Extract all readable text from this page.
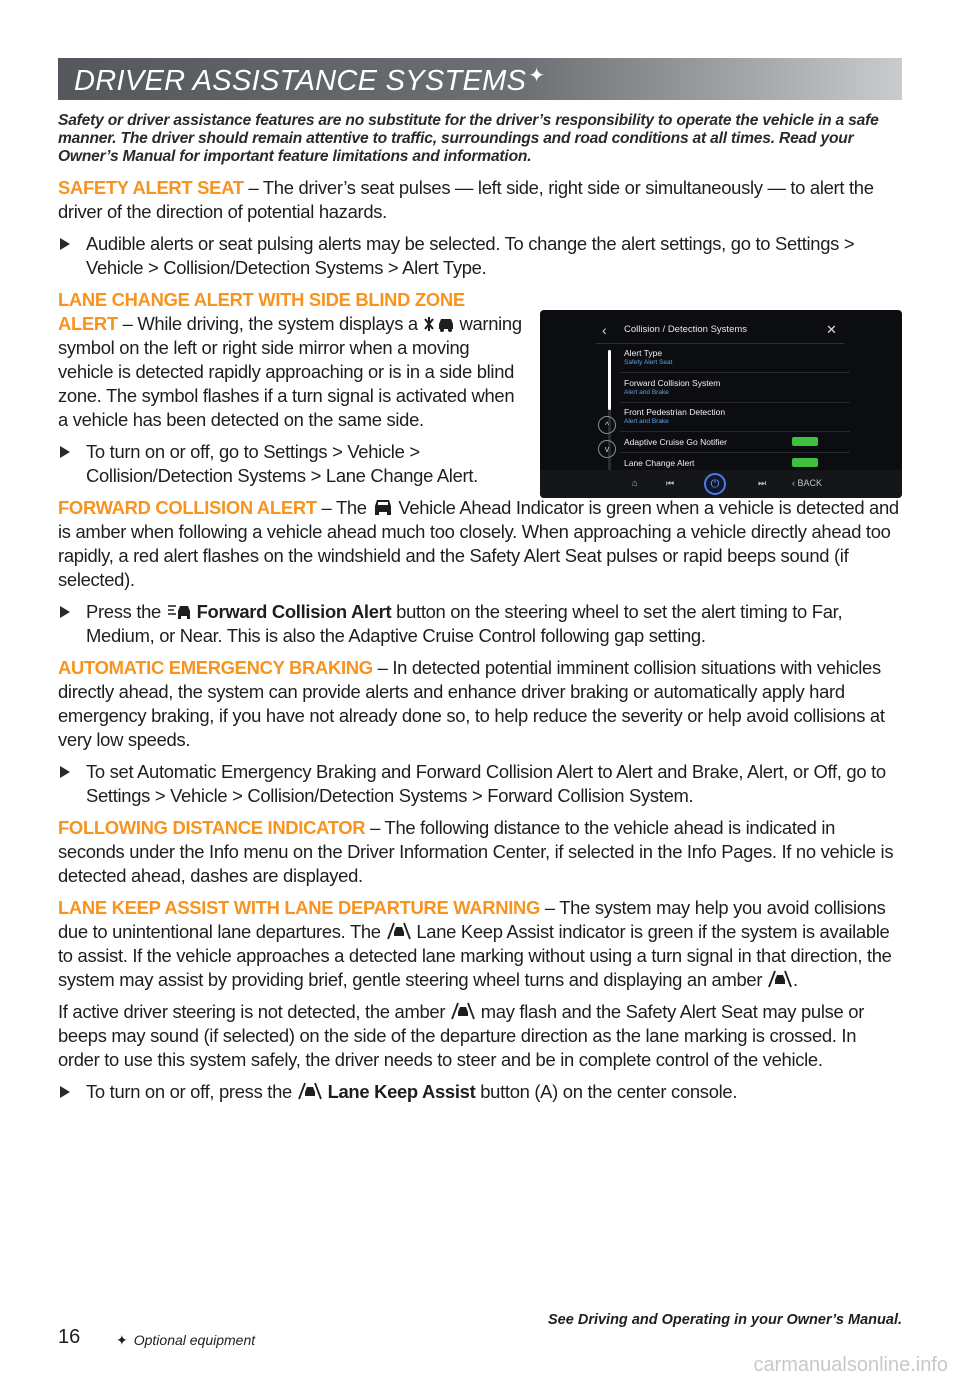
DRIVER ASSISTANCE SYSTEMS ✦
‹ Collision / Detection Systems	✕
Alert Type
Safety Alert Seat
Forward Collision System
Alert and Brake
Front Pedestrian Detection
Alert and Brake
Adaptive Cruise Go Notifier
Lane Change Alert
^
v
⌂	⏮	⏻	⏭	‹ BACK

Safety or driver assistance features are no substitute for the driver’s responsibility to operate the vehicle in a safe manner. The driver should remain attentive to traffic, surroundings and road conditions at all times. Read your Owner’s Manual for important feature limitations and information.

SAFETY ALERT SEAT – The driver’s seat pulses — left side, right side or simultaneously — to alert the driver of the direction of potential hazards.

Audible alerts or seat pulsing alerts may be selected. To change the alert settings, go to Settings > Vehicle > Collision/Detection Systems > Alert Type.

LANE CHANGE ALERT WITH SIDE BLIND ZONE ALERT – While driving, the system displays a  warning symbol on the left or right side mirror when a moving vehicle is detected rapidly approaching or is in a side blind zone. The symbol flashes if a turn signal is activated when a vehicle has been detected on the same side.

To turn on or off, go to Settings > Vehicle > Collision/Detection Systems > Lane Change Alert.

FORWARD COLLISION ALERT – The  Vehicle Ahead Indicator is green when a vehicle is detected and is amber when following a vehicle ahead much too closely. When approaching a vehicle directly ahead too rapidly, a red alert flashes on the windshield and the Safety Alert Seat pulses or rapid beeps sound (if selected).

Press the  Forward Collision Alert button on the steering wheel to set the alert timing to Far, Medium, or Near. This is also the Adaptive Cruise Control following gap setting.

AUTOMATIC EMERGENCY BRAKING – In detected potential imminent collision situations with vehicles directly ahead, the system can provide alerts and enhance driver braking or automatically apply hard emergency braking, if you have not already done so, to help reduce the severity or help avoid collisions at very low speeds.

To set Automatic Emergency Braking and Forward Collision Alert to Alert and Brake, Alert, or Off, go to Settings > Vehicle > Collision/Detection Systems > Forward Collision System.

FOLLOWING DISTANCE INDICATOR – The following distance to the vehicle ahead is indicated in seconds under the Info menu on the Driver Information Center, if selected in the Info Pages. If no vehicle is detected ahead, dashes are displayed.

LANE KEEP ASSIST WITH LANE DEPARTURE WARNING – The system may help you avoid collisions due to unintentional lane departures. The  Lane Keep Assist indicator is green if the system is available to assist. If the vehicle approaches a detected lane marking without using a turn signal in that direction, the system may assist by providing brief, gentle steering wheel turns and displaying an amber .

If active driver steering is not detected, the amber  may flash and the Safety Alert Seat may pulse or beeps may sound (if selected) on the side of the departure direction as the lane marking is crossed. In order to use this system safely, the driver needs to steer and be in complete control of the vehicle.

To turn on or off, press the  Lane Keep Assist button (A) on the center console.
See Driving and Operating in your Owner’s Manual.
16	✦ Optional equipment
carmanualsonline.info
